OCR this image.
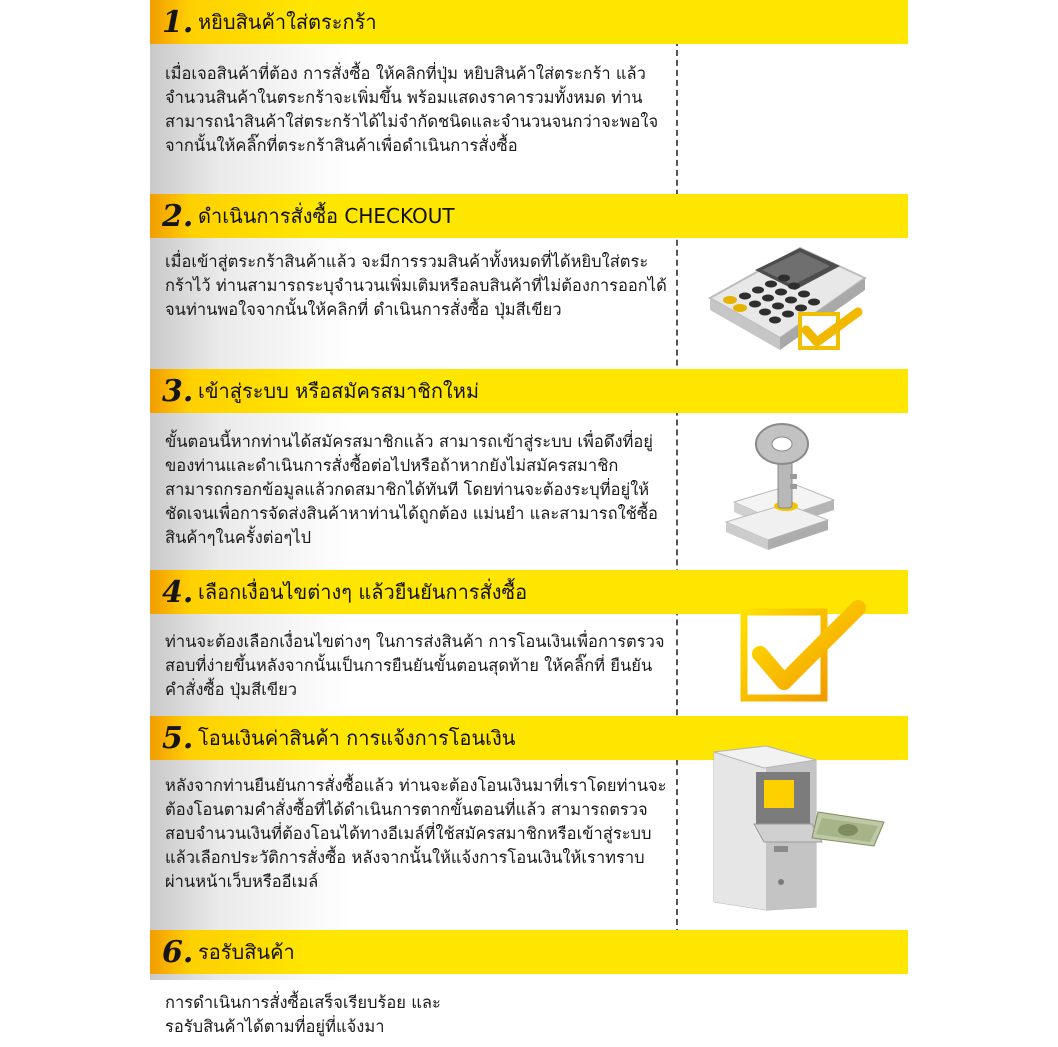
1. หยิบสินค้าใส่ตระกร้า

เมื่อเจอสินค้าที่ต้อง การสั่งซื้อ ให้คลิกที่ปุ่ม หยิบสินค้าใส่ตระกร้า แล้วจำนวนสินค้าในตระกร้าจะเพิ่มขึ้น พร้อมแสดงราคารวมทั้งหมด ท่านสามารถนำสินค้าใส่ตระกร้าได้ไม่จำกัดชนิดและจำนวนจนกว่าจะพอใจจากนั้นให้คลิ๊กที่ตระกร้าสินค้าเพื่อดำเนินการสั่งซื้อ

2. ดำเนินการสั่งซื้อ CHECKOUT

เมื่อเข้าสู่ตระกร้าสินค้าแล้ว จะมีการรวมสินค้าทั้งหมดที่ได้หยิบใส่ตระกร้าไว้ ท่านสามารถระบุจำนวนเพิ่มเติมหรือลบสินค้าที่ไม่ต้องการออกได้ จนท่านพอใจจากนั้นให้คลิกที่ ดำเนินการสั่งซื้อ ปุ่มสีเขียว

3. เข้าสู่ระบบ หรือสมัครสมาชิกใหม่

ขั้นตอนนี้หากท่านได้สมัครสมาชิกแล้ว สามารถเข้าสู่ระบบ เพื่อดึงที่อยู่ของท่านและดำเนินการสั่งซื้อต่อไปหรือถ้าหากยังไม่สมัครสมาชิก สามารถกรอกข้อมูลแล้วกดสมาชิกได้ทันที โดยท่านจะต้องระบุที่อยู่ให้ชัดเจนเพื่อการจัดส่งสินค้าหาท่านได้ถูกต้อง แม่นยำ และสามารถใช้ซื้อสินค้าๆในครั้งต่อๆไป

4. เลือกเงื่อนไขต่างๆ แล้วยืนยันการสั่งซื้อ

ท่านจะต้องเลือกเงื่อนไขต่างๆ ในการส่งสินค้า การโอนเงินเพื่อการตรวจสอบที่ง่ายขึ้นหลังจากนั้นเป็นการยืนยันขั้นตอนสุดท้าย ให้คลิ๊กที่ ยืนยันคำสั่งซื้อ ปุ่มสีเขียว

5. โอนเงินค่าสินค้า การแจ้งการโอนเงิน

หลังจากท่านยืนยันการสั่งซื้อแล้ว ท่านจะต้องโอนเงินมาที่เราโดยท่านจะต้องโอนตามคำสั่งซื้อที่ได้ดำเนินการตากขั้นตอนที่แล้ว สามารถตรวจสอบจำนวนเงินที่ต้องโอนได้ทางอีเมล์ที่ใช้สมัครสมาชิกหรือเข้าสู่ระบบแล้วเลือกประวัติการสั่งซื้อ หลังจากนั้นให้แจ้งการโอนเงินให้เราทราบผ่านหน้าเว็บหรืออีเมล์

6. รอรับสินค้า

การดำเนินการสั่งซื้อเสร็จเรียบร้อย และรอรับสินค้าได้ตามที่อยู่ที่แจ้งมา
